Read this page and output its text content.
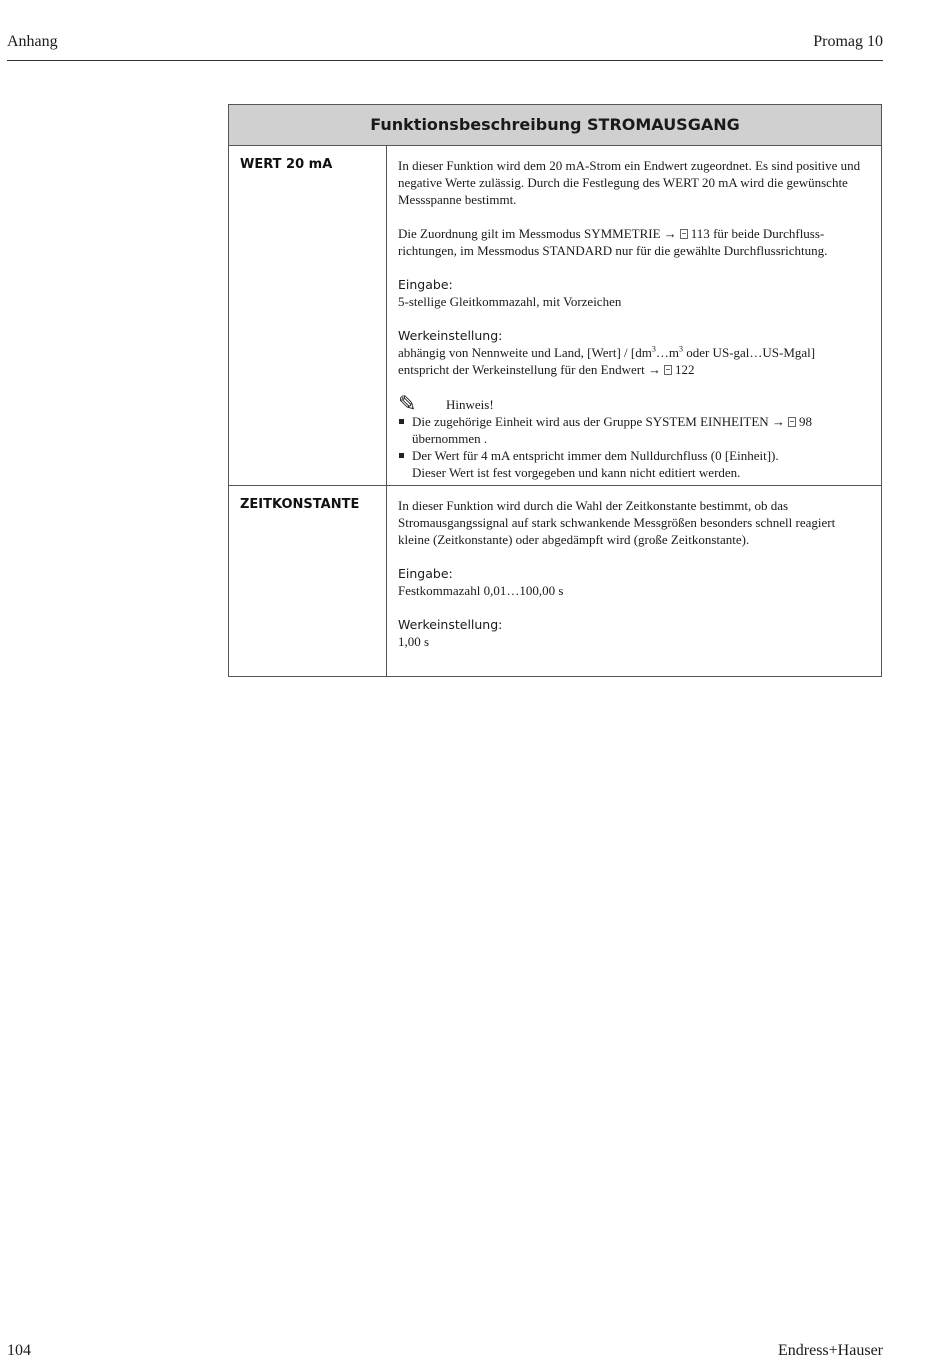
Anhang	Promag 10
Funktionsbeschreibung STROMAUSGANG
WERT 20 mA	In dieser Funktion wird dem 20 mA-Strom ein Endwert zugeordnet. Es sind positive und negative Werte zulässig. Durch die Festlegung des WERT 20 mA wird die gewünschte Messspanne bestimmt.

Die Zuordnung gilt im Messmodus SYMMETRIE → 113 für beide Durchfluss- richtungen, im Messmodus STANDARD nur für die gewählte Durchflussrichtung.

Eingabe:
5-stellige Gleitkommazahl, mit Vorzeichen

Werkeinstellung:
abhängig von Nennweite und Land, [Wert] / [$dm^3\dots m^3$ oder US-gal…US-Mgal]
entspricht der Werkeinstellung für den Endwert → 122

✎	Hinweis!
Die zugehörige Einheit wird aus der Gruppe SYSTEM EINHEITEN → 98
übernommen .
Der Wert für 4 mA entspricht immer dem Nulldurchfluss (0 [Einheit]).
Dieser Wert ist fest vorgegeben und kann nicht editiert werden.
ZEITKONSTANTE	In dieser Funktion wird durch die Wahl der Zeitkonstante bestimmt, ob das Stromausgangssignal auf stark schwankende Messgrößen besonders schnell reagiert kleine (Zeitkonstante) oder abgedämpft wird (große Zeitkonstante).

Eingabe:
Festkommazahl 0,01…100,00 s

Werkeinstellung:
1,00 s

104	Endress+Hauser
